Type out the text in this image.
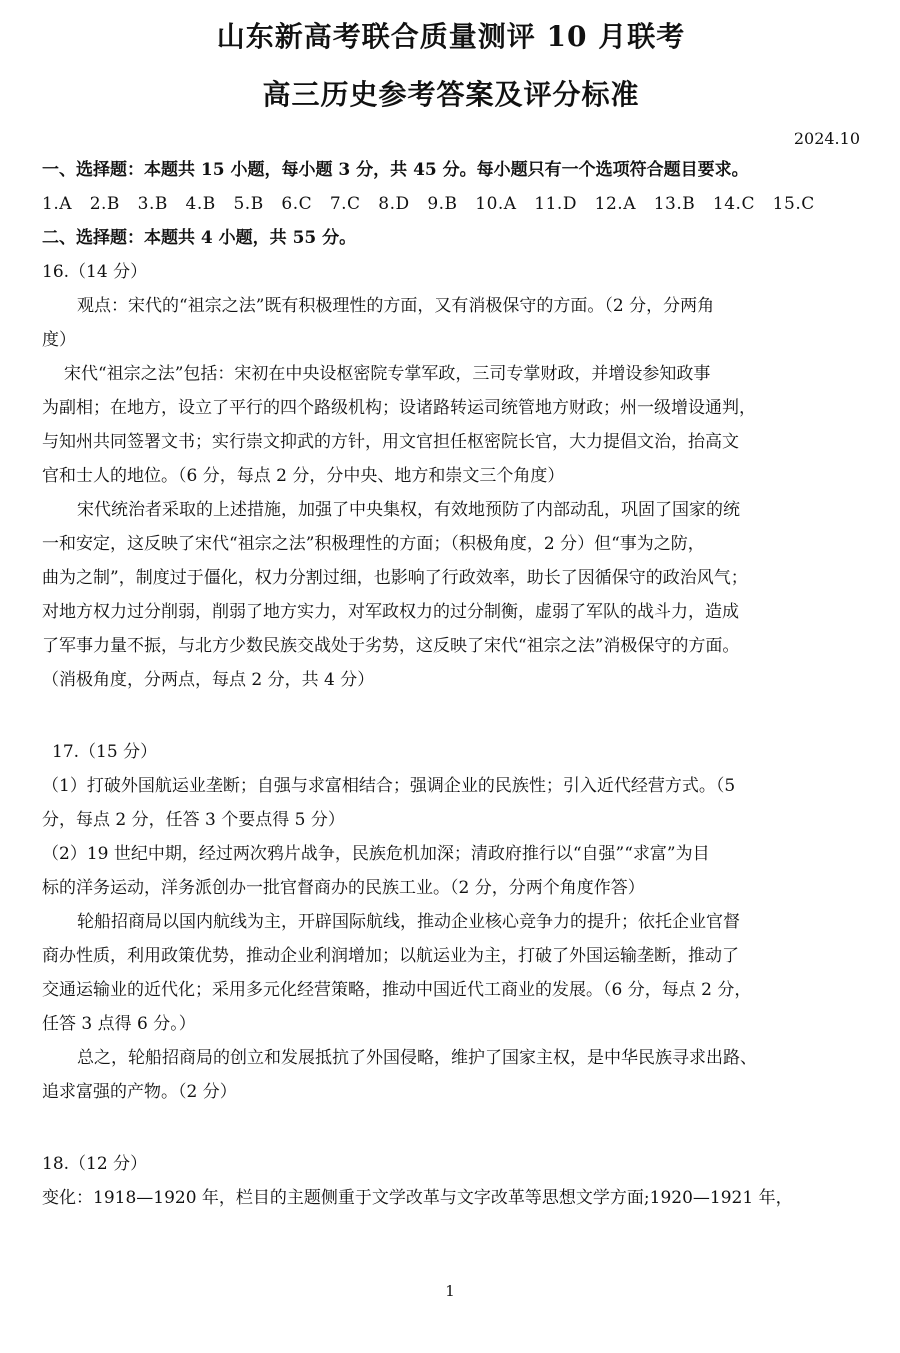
山东新高考联合质量测评 10 月联考
高三历史参考答案及评分标准
2024.10
一、选择题：本题共 15 小题，每小题 3 分，共 45 分。每小题只有一个选项符合题目要求。
1.A   2.B   3.B   4.B   5.B   6.C   7.C   8.D   9.B   10.A   11.D   12.A   13.B   14.C   15.C
二、选择题：本题共 4 小题，共 55 分。
16.（14 分）
观点：宋代的“祖宗之法”既有积极理性的方面，又有消极保守的方面。（2 分，分两角
度）
宋代“祖宗之法”包括：宋初在中央设枢密院专掌军政，三司专掌财政，并增设参知政事
为副相；在地方，设立了平行的四个路级机构；设诸路转运司统管地方财政；州一级增设通判，
与知州共同签署文书；实行崇文抑武的方针，用文官担任枢密院长官，大力提倡文治，抬高文
官和士人的地位。（6 分，每点 2 分，分中央、地方和崇文三个角度）
宋代统治者采取的上述措施，加强了中央集权，有效地预防了内部动乱，巩固了国家的统
一和安定，这反映了宋代“祖宗之法”积极理性的方面；（积极角度，2 分）但“事为之防，
曲为之制”，制度过于僵化，权力分割过细，也影响了行政效率，助长了因循保守的政治风气；
对地方权力过分削弱，削弱了地方实力，对军政权力的过分制衡，虚弱了军队的战斗力，造成
了军事力量不振，与北方少数民族交战处于劣势，这反映了宋代“祖宗之法”消极保守的方面。
（消极角度，分两点，每点 2 分，共 4 分）
17.（15 分）
（1）打破外国航运业垄断；自强与求富相结合；强调企业的民族性；引入近代经营方式。（5
分，每点 2 分，任答 3 个要点得 5 分）
（2）19 世纪中期，经过两次鸦片战争，民族危机加深；清政府推行以“自强”“求富”为目
标的洋务运动，洋务派创办一批官督商办的民族工业。（2 分，分两个角度作答）
轮船招商局以国内航线为主，开辟国际航线，推动企业核心竞争力的提升；依托企业官督
商办性质，利用政策优势，推动企业利润增加；以航运业为主，打破了外国运输垄断，推动了
交通运输业的近代化；采用多元化经营策略，推动中国近代工商业的发展。（6 分，每点 2 分，
任答 3 点得 6 分。）
总之，轮船招商局的创立和发展抵抗了外国侵略，维护了国家主权，是中华民族寻求出路、
追求富强的产物。（2 分）
18.（12 分）
变化：1918—1920 年，栏目的主题侧重于文学改革与文字改革等思想文学方面;1920—1921 年，
1
